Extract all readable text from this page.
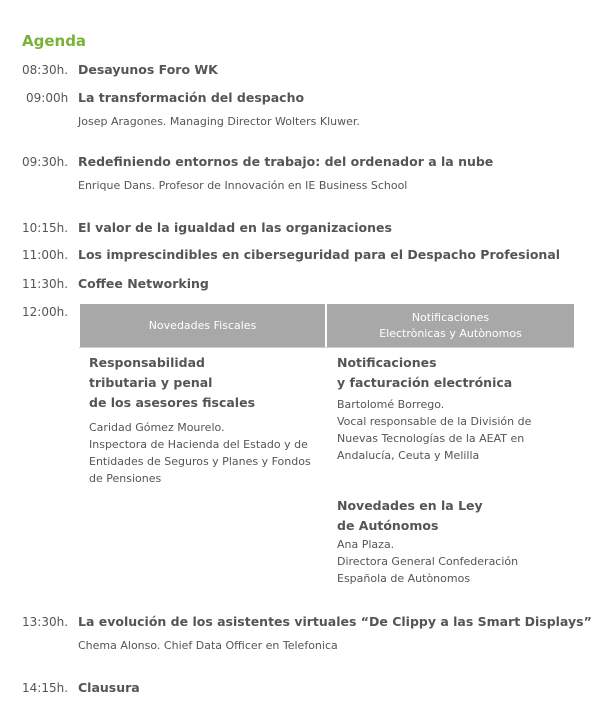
Agenda
08:30h. Desayunos Foro WK
09:00h La transformación del despacho
Josep Aragones. Managing Director Wolters Kluwer.
09:30h. Redefiniendo entornos de trabajo: del ordenador a la nube
Enrique Dans. Profesor de Innovación en IE Business School
10:15h. El valor de la igualdad en las organizaciones
11:00h. Los imprescindibles en ciberseguridad para el Despacho Profesional
11:30h. Coffee Networking
12:00h.
Novedades Fiscales
Notificaciones
Electrònicas y Autònomos
Responsabilidad
tributaria y penal
de los asesores fiscales
Caridad Gómez Mourelo.
Inspectora de Hacienda del Estado y de
Entidades de Seguros y Planes y Fondos
de Pensiones
Notificaciones
y facturación electrónica
Bartolomé Borrego.
Vocal responsable de la División de
Nuevas Tecnologías de la AEAT en
Andalucía, Ceuta y Melilla
Novedades en la Ley
de Autónomos
Ana Plaza.
Directora General Confederación
Española de Autònomos
13:30h. La evolución de los asistentes virtuales “De Clippy a las Smart Displays”
Chema Alonso. Chief Data Officer en Telefonica
14:15h. Clausura
